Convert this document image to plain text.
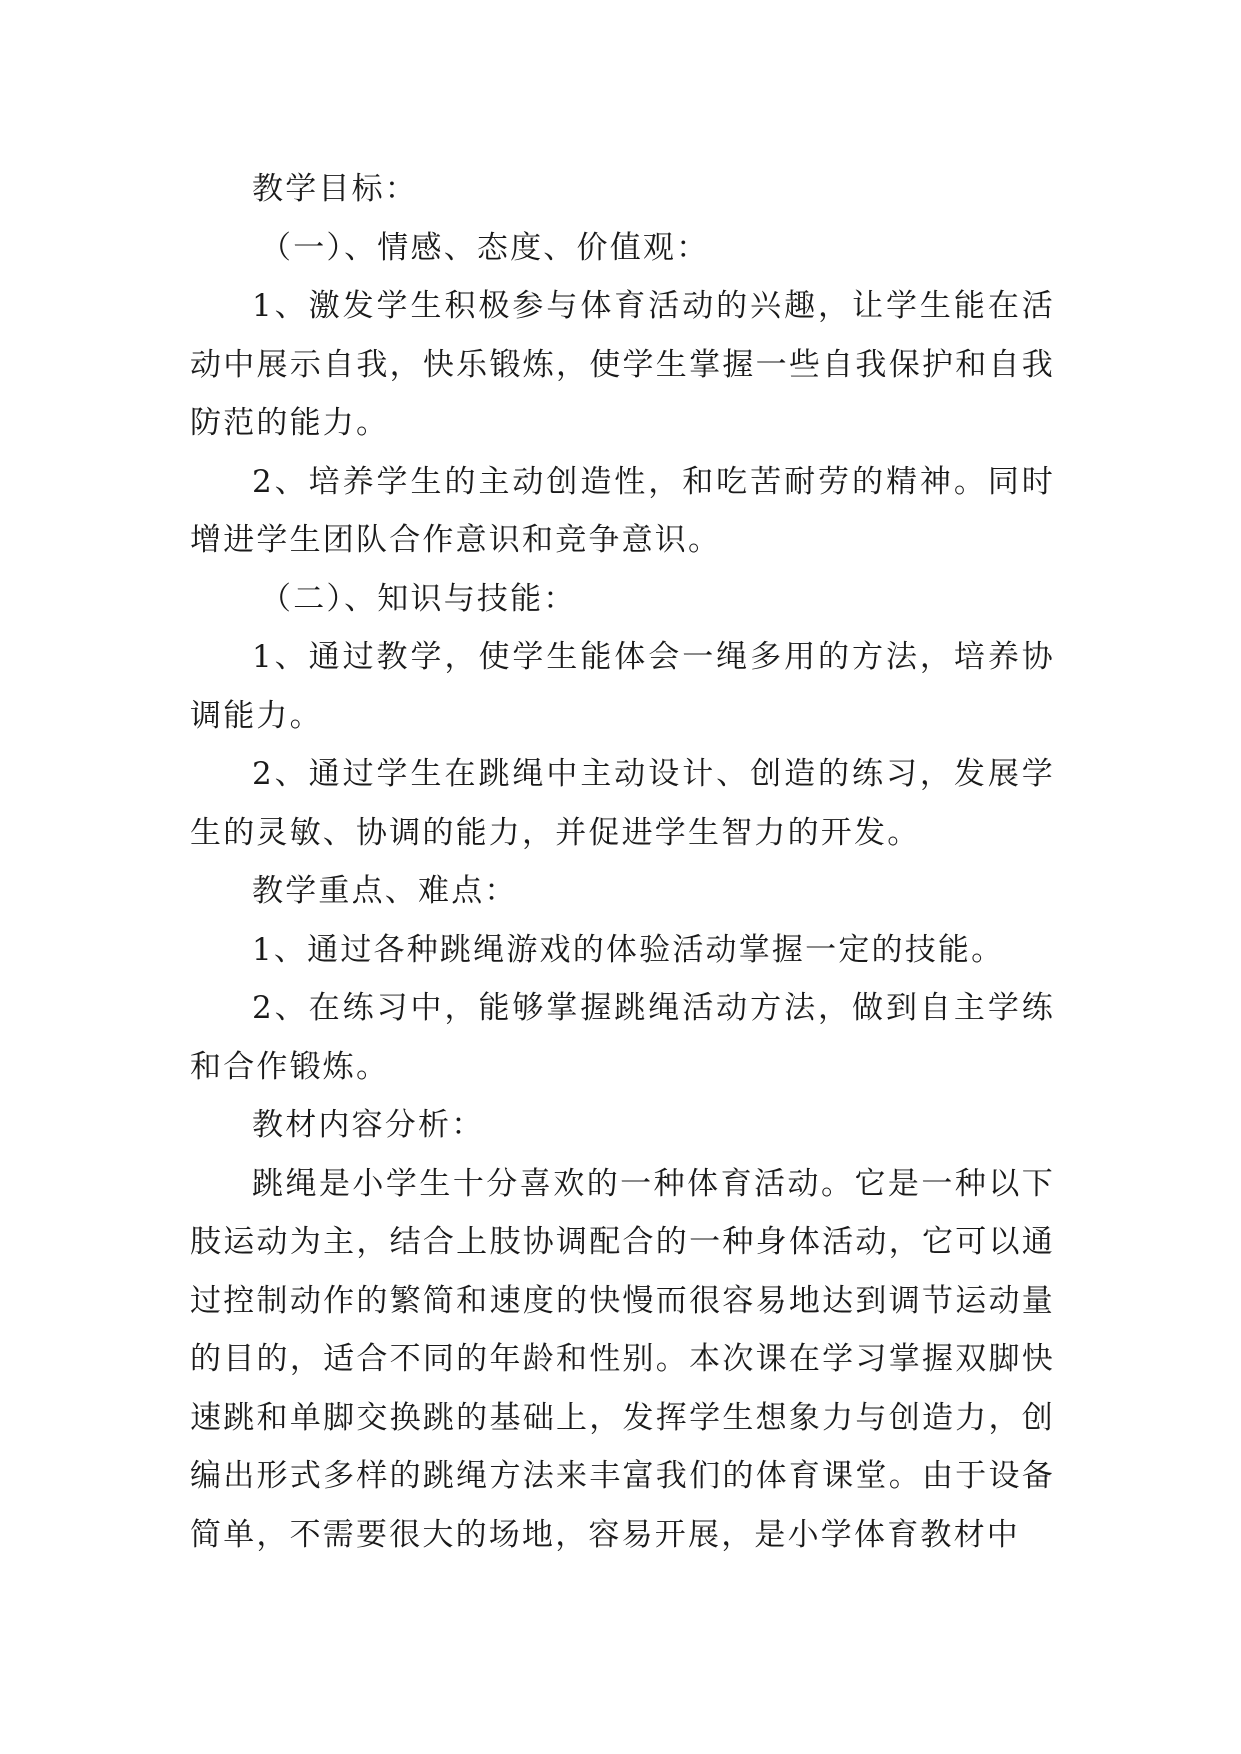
教学目标：

（一）、情感、态度、价值观：

1、激发学生积极参与体育活动的兴趣，让学生能在活动中展示自我，快乐锻炼，使学生掌握一些自我保护和自我防范的能力。

2、培养学生的主动创造性，和吃苦耐劳的精神。同时增进学生团队合作意识和竞争意识。

（二）、知识与技能：

1、通过教学，使学生能体会一绳多用的方法，培养协调能力。

2、通过学生在跳绳中主动设计、创造的练习，发展学生的灵敏、协调的能力，并促进学生智力的开发。

教学重点、难点：

1、通过各种跳绳游戏的体验活动掌握一定的技能。

2、在练习中，能够掌握跳绳活动方法，做到自主学练和合作锻炼。

教材内容分析：

跳绳是小学生十分喜欢的一种体育活动。它是一种以下肢运动为主，结合上肢协调配合的一种身体活动，它可以通过控制动作的繁简和速度的快慢而很容易地达到调节运动量的目的，适合不同的年龄和性别。本次课在学习掌握双脚快速跳和单脚交换跳的基础上，发挥学生想象力与创造力，创编出形式多样的跳绳方法来丰富我们的体育课堂。由于设备简单，不需要很大的场地，容易开展，是小学体育教材中
